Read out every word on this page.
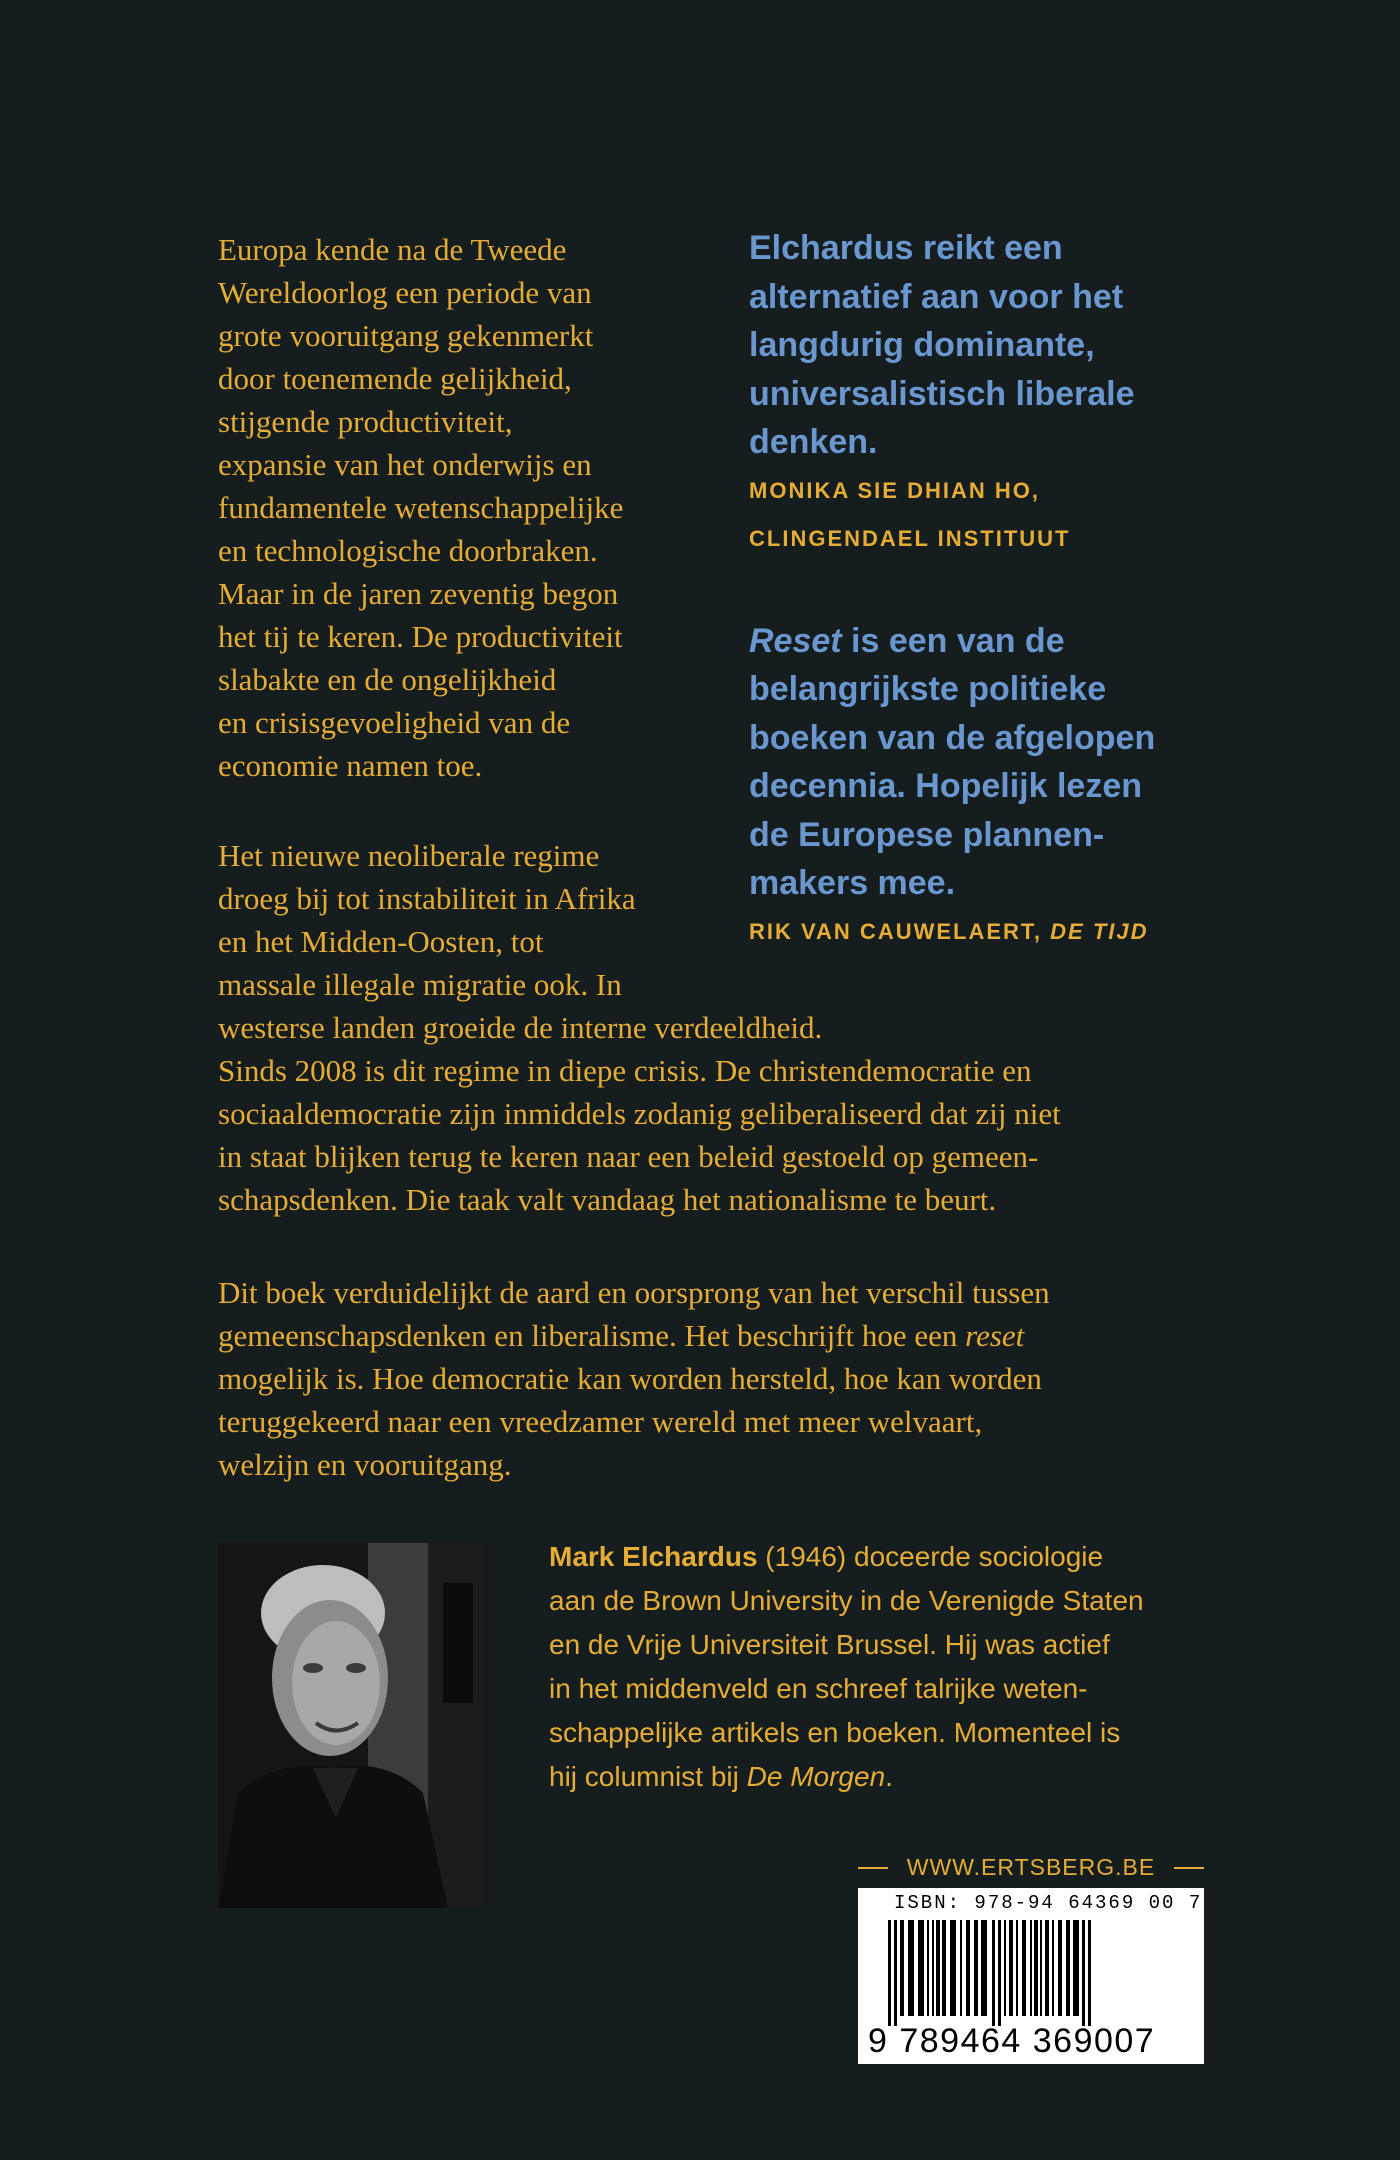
Europa kende na de Tweede
Wereldoorlog een periode van
grote vooruitgang gekenmerkt
door toenemende gelijkheid,
stijgende productiviteit,
expansie van het onderwijs en
fundamentele wetenschappelijke
en technologische doorbraken.
Maar in de jaren zeventig begon
het tij te keren. De productiviteit
slabakte en de ongelijkheid
en crisisgevoeligheid van de
economie namen toe.

Elchardus reikt een
alternatief aan voor het
langdurig dominante,
universalistisch liberale
denken.

MONIKA SIE DHIAN HO,
CLINGENDAEL INSTITUUT

Reset is een van de
belangrijkste politieke
boeken van de afgelopen
decennia. Hopelijk lezen
de Europese plannen-
makers mee.

RIK VAN CAUWELAERT, DE TIJD

Het nieuwe neoliberale regime
droeg bij tot instabiliteit in Afrika
en het Midden-Oosten, tot
massale illegale migratie ook. In
westerse landen groeide de interne verdeeldheid.
Sinds 2008 is dit regime in diepe crisis. De christendemocratie en
sociaaldemocratie zijn inmiddels zodanig geliberaliseerd dat zij niet
in staat blijken terug te keren naar een beleid gestoeld op gemeen-
schapsdenken. Die taak valt vandaag het nationalisme te beurt.
Dit boek verduidelijkt de aard en oorsprong van het verschil tussen
gemeenschapsdenken en liberalisme. Het beschrijft hoe een reset
mogelijk is. Hoe democratie kan worden hersteld, hoe kan worden
teruggekeerd naar een vreedzamer wereld met meer welvaart,
welzijn en vooruitgang.
Mark Elchardus (1946) doceerde sociologie
aan de Brown University in de Verenigde Staten
en de Vrije Universiteit Brussel. Hij was actief
in het middenveld en schreef talrijke weten-
schappelijke artikels en boeken. Momenteel is
hij columnist bij De Morgen.
WWW.ERTSBERG.BE
ISBN: 978-94 64369 00 7
9 789464 369007
